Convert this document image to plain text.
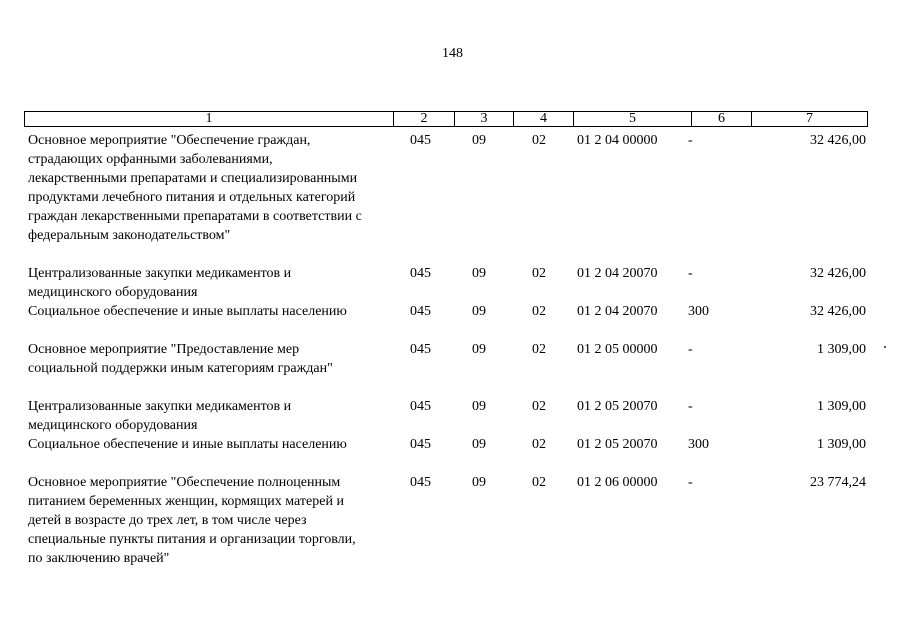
148
1	2	3	4	5	6	7
Основное мероприятие "Обеспечение граждан,
страдающих орфанными заболеваниями,
лекарственными препаратами и специализированными
продуктами лечебного питания и отдельных категорий
граждан лекарственными препаратами в соответствии с
федеральным законодательством"
045	09	02	01 2 04 00000	-	32 426,00
Централизованные закупки медикаментов и
медицинского оборудования
045	09	02	01 2 04 20070	-	32 426,00
Социальное обеспечение и иные выплаты населению	045	09	02	01 2 04 20070	300	32 426,00
Основное мероприятие "Предоставление мер
социальной поддержки иным категориям граждан"
045	09	02	01 2 05 00000	-	1 309,00
Централизованные закупки медикаментов и
медицинского оборудования
045	09	02	01 2 05 20070	-	1 309,00
Социальное обеспечение и иные выплаты населению	045	09	02	01 2 05 20070	300	1 309,00
Основное мероприятие "Обеспечение полноценным
питанием беременных женщин, кормящих матерей и
детей в возрасте до трех лет, в том числе через
специальные пункты питания и организации торговли,
по заключению врачей"
045	09	02	01 2 06 00000	-	23 774,24
